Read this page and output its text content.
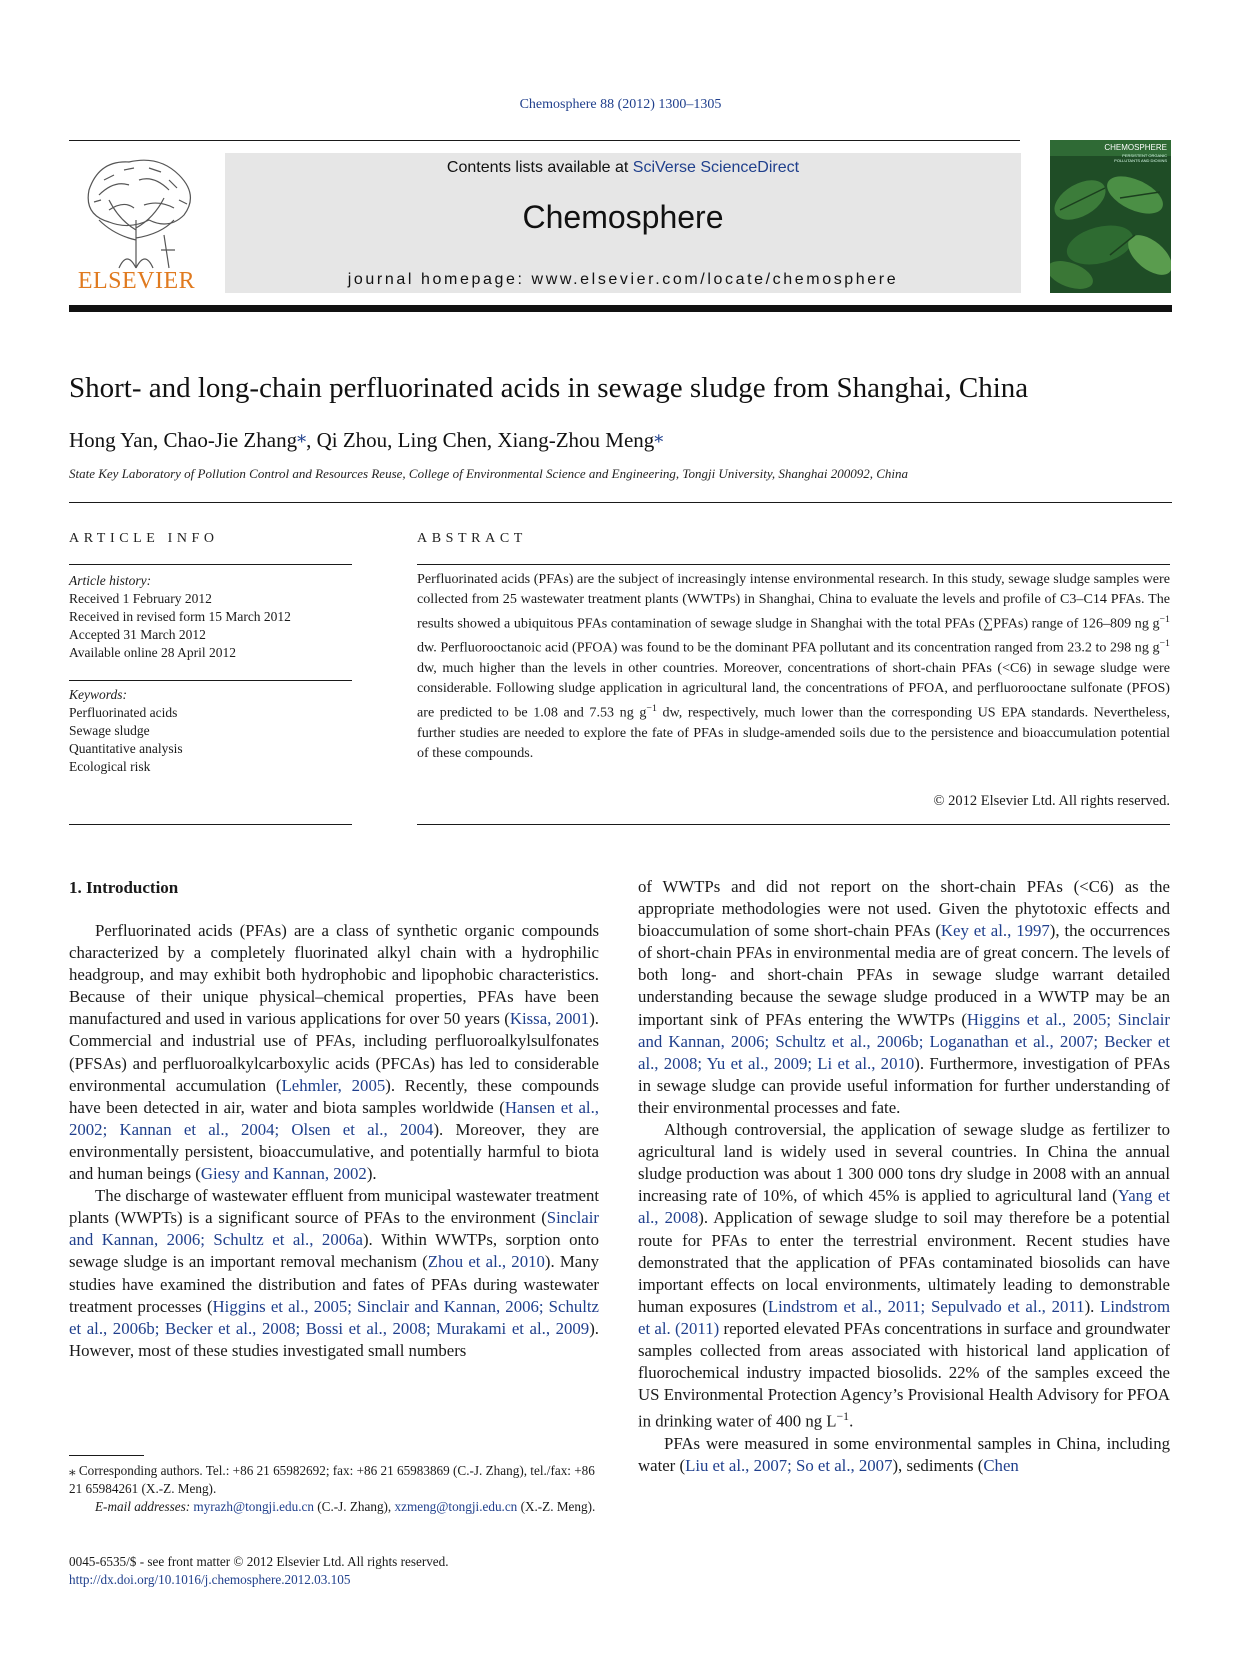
Chemosphere 88 (2012) 1300–1305
ELSEVIER
Contents lists available at SciVerse ScienceDirect
Chemosphere
journal homepage: www.elsevier.com/locate/chemosphere
CHEMOSPHERE
PERSISTENT ORGANIC POLLUTANTS AND DIOXINS
Short- and long-chain perfluorinated acids in sewage sludge from Shanghai, China
Hong Yan, Chao-Jie Zhang⁎, Qi Zhou, Ling Chen, Xiang-Zhou Meng⁎
State Key Laboratory of Pollution Control and Resources Reuse, College of Environmental Science and Engineering, Tongji University, Shanghai 200092, China
ARTICLE INFO
Article history:
Received 1 February 2012
Received in revised form 15 March 2012
Accepted 31 March 2012
Available online 28 April 2012
Keywords:
Perfluorinated acids
Sewage sludge
Quantitative analysis
Ecological risk
ABSTRACT
Perfluorinated acids (PFAs) are the subject of increasingly intense environmental research. In this study, sewage sludge samples were collected from 25 wastewater treatment plants (WWTPs) in Shanghai, China to evaluate the levels and profile of C3–C14 PFAs. The results showed a ubiquitous PFAs contamination of sewage sludge in Shanghai with the total PFAs (∑PFAs) range of 126–809 ng $g^{-1}$ dw. Perfluorooctanoic acid (PFOA) was found to be the dominant PFA pollutant and its concentration ranged from 23.2 to 298 ng $g^{-1}$ dw, much higher than the levels in other countries. Moreover, concentrations of short-chain PFAs (<C6) in sewage sludge were considerable. Following sludge application in agricultural land, the concentrations of PFOA, and perfluorooctane sulfonate (PFOS) are predicted to be 1.08 and 7.53 ng $g^{-1}$ dw, respectively, much lower than the corresponding US EPA standards. Nevertheless, further studies are needed to explore the fate of PFAs in sludge-amended soils due to the persistence and bioaccumulation potential of these compounds.
© 2012 Elsevier Ltd. All rights reserved.
1. Introduction

Perfluorinated acids (PFAs) are a class of synthetic organic compounds characterized by a completely fluorinated alkyl chain with a hydrophilic headgroup, and may exhibit both hydrophobic and lipophobic characteristics. Because of their unique physical–chemical properties, PFAs have been manufactured and used in various applications for over 50 years (Kissa, 2001). Commercial and industrial use of PFAs, including perfluoroalkylsulfonates (PFSAs) and perfluoroalkylcarboxylic acids (PFCAs) has led to considerable environmental accumulation (Lehmler, 2005). Recently, these compounds have been detected in air, water and biota samples worldwide (Hansen et al., 2002; Kannan et al., 2004; Olsen et al., 2004). Moreover, they are environmentally persistent, bioaccumulative, and potentially harmful to biota and human beings (Giesy and Kannan, 2002).

The discharge of wastewater effluent from municipal wastewater treatment plants (WWPTs) is a significant source of PFAs to the environment (Sinclair and Kannan, 2006; Schultz et al., 2006a). Within WWTPs, sorption onto sewage sludge is an important removal mechanism (Zhou et al., 2010). Many studies have examined the distribution and fates of PFAs during wastewater treatment processes (Higgins et al., 2005; Sinclair and Kannan, 2006; Schultz et al., 2006b; Becker et al., 2008; Bossi et al., 2008; Murakami et al., 2009). However, most of these studies investigated small numbers

⁎ Corresponding authors. Tel.: +86 21 65982692; fax: +86 21 65983869 (C.-J. Zhang), tel./fax: +86 21 65984261 (X.-Z. Meng).
E-mail addresses: myrazh@tongji.edu.cn (C.-J. Zhang), xzmeng@tongji.edu.cn (X.-Z. Meng).
0045-6535/$ - see front matter © 2012 Elsevier Ltd. All rights reserved.
http://dx.doi.org/10.1016/j.chemosphere.2012.03.105

of WWTPs and did not report on the short-chain PFAs (<C6) as the appropriate methodologies were not used. Given the phytotoxic effects and bioaccumulation of some short-chain PFAs (Key et al., 1997), the occurrences of short-chain PFAs in environmental media are of great concern. The levels of both long- and short-chain PFAs in sewage sludge warrant detailed understanding because the sewage sludge produced in a WWTP may be an important sink of PFAs entering the WWTPs (Higgins et al., 2005; Sinclair and Kannan, 2006; Schultz et al., 2006b; Loganathan et al., 2007; Becker et al., 2008; Yu et al., 2009; Li et al., 2010). Furthermore, investigation of PFAs in sewage sludge can provide useful information for further understanding of their environmental processes and fate.

Although controversial, the application of sewage sludge as fertilizer to agricultural land is widely used in several countries. In China the annual sludge production was about 1 300 000 tons dry sludge in 2008 with an annual increasing rate of 10%, of which 45% is applied to agricultural land (Yang et al., 2008). Application of sewage sludge to soil may therefore be a potential route for PFAs to enter the terrestrial environment. Recent studies have demonstrated that the application of PFAs contaminated biosolids can have important effects on local environments, ultimately leading to demonstrable human exposures (Lindstrom et al., 2011; Sepulvado et al., 2011). Lindstrom et al. (2011) reported elevated PFAs concentrations in surface and groundwater samples collected from areas associated with historical land application of fluorochemical industry impacted biosolids. 22% of the samples exceed the US Environmental Protection Agency’s Provisional Health Advisory for PFOA in drinking water of 400 ng $L^{-1}$.

PFAs were measured in some environmental samples in China, including water (Liu et al., 2007; So et al., 2007), sediments (Chen
